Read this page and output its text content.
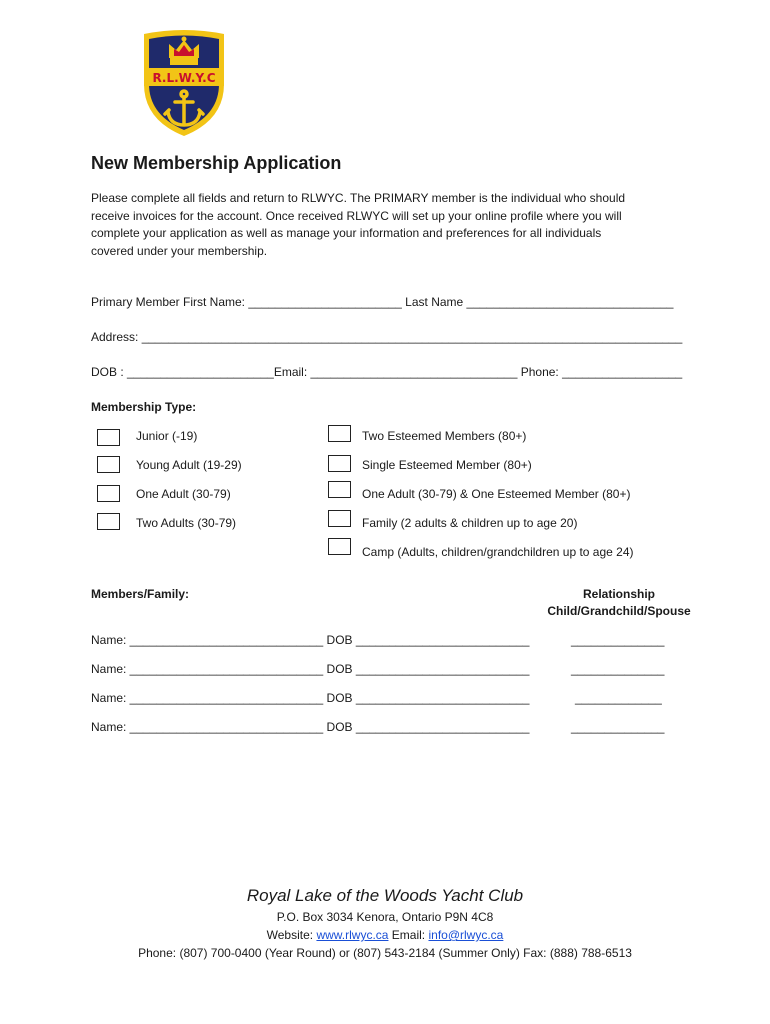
R.L.W.Y.C
New Membership Application
Please complete all fields and return to RLWYC. The PRIMARY member is the individual who should
receive invoices for the account. Once received RLWYC will set up your online profile where you will
complete your application as well as manage your information and preferences for all individuals
covered under your membership.
Primary Member First Name: _______________________ Last Name _______________________________
Address: _________________________________________________________________________________
DOB : ______________________Email: _______________________________ Phone: __________________
Membership Type:
Junior (-19)
Young Adult (19-29)
One Adult (30-79)
Two Adults (30-79)
Two Esteemed Members (80+)
Single Esteemed Member (80+)
One Adult (30-79) & One Esteemed Member (80+)
Family (2 adults & children up to age 20)
Camp (Adults, children/grandchildren up to age 24)
Members/Family:	Relationship
Child/Grandchild/Spouse
Name: _____________________________ DOB __________________________	______________
Name: _____________________________ DOB __________________________	______________
Name: _____________________________ DOB __________________________	_____________
Name: _____________________________ DOB __________________________	______________
Royal Lake of the Woods Yacht Club
P.O. Box 3034 Kenora, Ontario P9N 4C8
Website: www.rlwyc.ca Email: info@rlwyc.ca
Phone: (807) 700-0400 (Year Round) or (807) 543-2184 (Summer Only) Fax: (888) 788-6513
